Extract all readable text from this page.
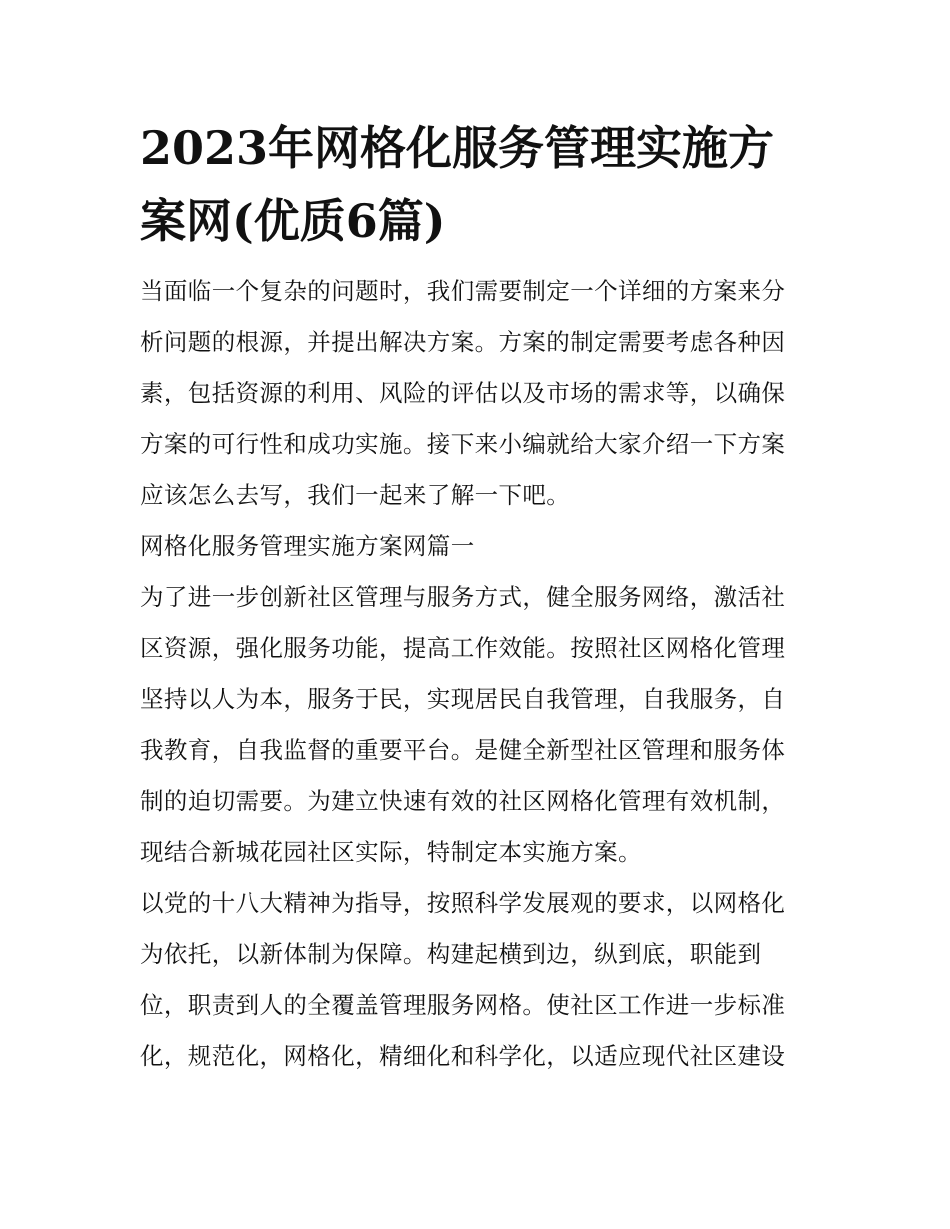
2023年网格化服务管理实施方
案网(优质6篇)

当面临一个复杂的问题时，我们需要制定一个详细的方案来分
析问题的根源，并提出解决方案。方案的制定需要考虑各种因
素，包括资源的利用、风险的评估以及市场的需求等，以确保
方案的可行性和成功实施。接下来小编就给大家介绍一下方案
应该怎么去写，我们一起来了解一下吧。

网格化服务管理实施方案网篇一

为了进一步创新社区管理与服务方式，健全服务网络，激活社
区资源，强化服务功能，提高工作效能。按照社区网格化管理
坚持以人为本，服务于民，实现居民自我管理，自我服务，自
我教育，自我监督的重要平台。是健全新型社区管理和服务体
制的迫切需要。为建立快速有效的社区网格化管理有效机制，
现结合新城花园社区实际，特制定本实施方案。

以党的十八大精神为指导，按照科学发展观的要求，以网格化
为依托，以新体制为保障。构建起横到边，纵到底，职能到
位，职责到人的全覆盖管理服务网格。使社区工作进一步标准
化，规范化，网格化，精细化和科学化，以适应现代社区建设
